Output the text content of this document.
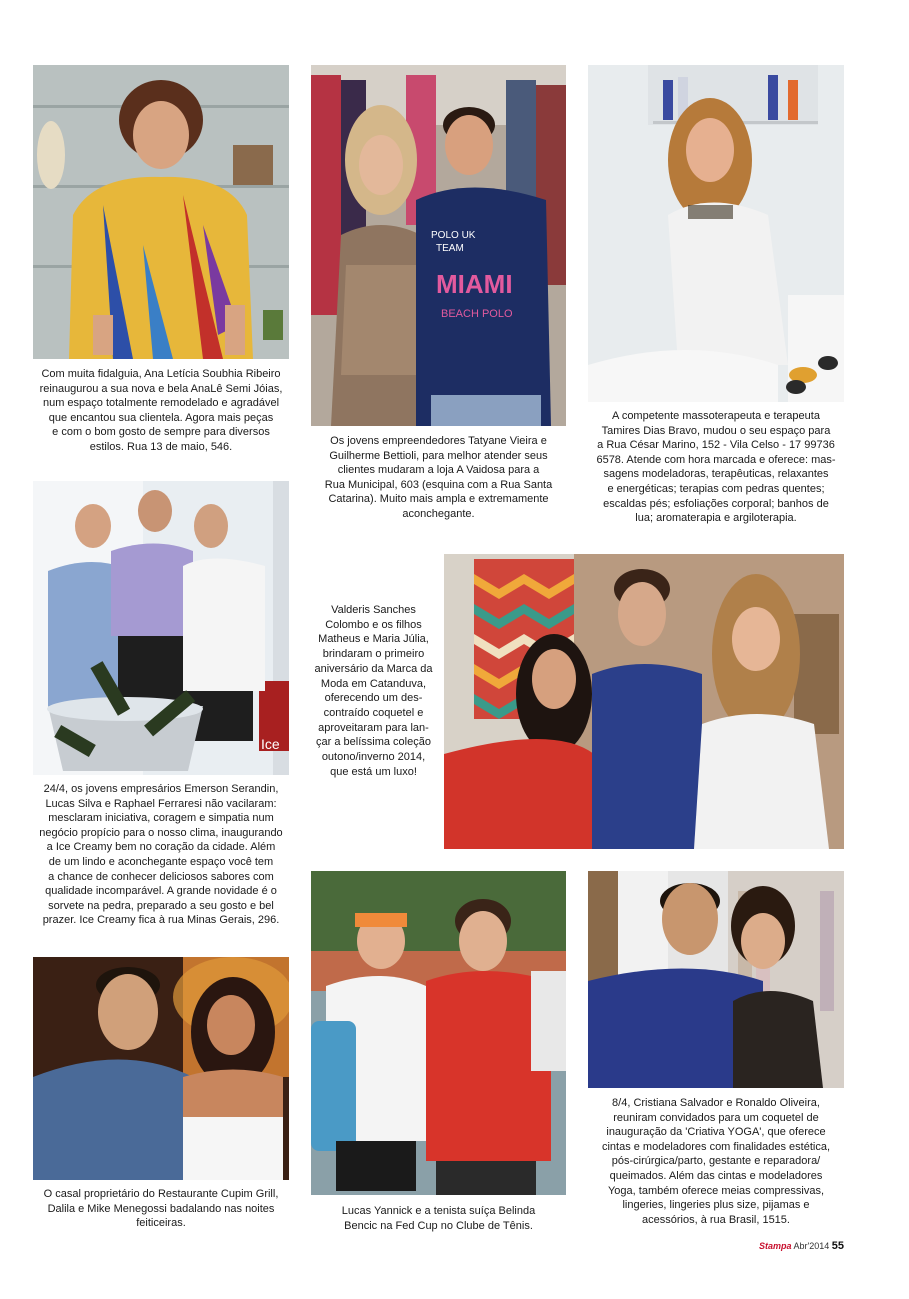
Com muita fidalguia, Ana Letícia Soubhia Ribeiro
reinaugurou a sua nova e bela AnaLê Semi Jóias,
num espaço totalmente remodelado e agradável
que encantou sua clientela. Agora mais peças
e com o bom gosto de sempre para diversos
estilos. Rua 13 de maio, 546.

POLO UK
TEAM
MIAMI
BEACH POLO

Os jovens empreendedores Tatyane Vieira e
Guilherme Bettioli, para melhor atender seus
clientes mudaram a loja A Vaidosa para a
Rua Municipal, 603 (esquina com a Rua Santa
Catarina). Muito mais ampla e extremamente
aconchegante.

A competente massoterapeuta e terapeuta
Tamires Dias Bravo, mudou o seu espaço para
a Rua César Marino, 152 - Vila Celso - 17 99736
6578. Atende com hora marcada e oferece: mas-
sagens modeladoras, terapêuticas, relaxantes
e energéticas; terapias com pedras quentes;
escaldas pés; esfoliações corporal; banhos de
lua; aromaterapia e argiloterapia.

Ice

24/4, os jovens empresários Emerson Serandin,
Lucas Silva e Raphael Ferraresi não vacilaram:
mesclaram iniciativa, coragem e simpatia num
negócio propício para o nosso clima, inaugurando
a Ice Creamy bem no coração da cidade. Além
de um lindo e aconchegante espaço você tem
a chance de conhecer deliciosos sabores com
qualidade incomparável. A grande novidade é o
sorvete na pedra, preparado a seu gosto e bel
prazer. Ice Creamy fica à rua Minas Gerais, 296.

Valderis Sanches
Colombo e os filhos
Matheus e Maria Júlia,
brindaram o primeiro
aniversário da Marca da
Moda em Catanduva,
oferecendo um des-
contraído coquetel e
aproveitaram para lan-
çar a belíssima coleção
outono/inverno 2014,
que está um luxo!

O casal proprietário do Restaurante Cupim Grill,
Dalila e Mike Menegossi badalando nas noites
feiticeiras.

Lucas Yannick e a tenista suíça Belinda
Bencic na Fed Cup no Clube de Tênis.

8/4, Cristiana Salvador e Ronaldo Oliveira,
reuniram convidados para um coquetel de
inauguração da 'Criativa YOGA', que oferece
cintas e modeladores com finalidades estética,
pós-cirúrgica/parto, gestante e reparadora/
queimados. Além das cintas e modeladores
Yoga, também oferece meias compressivas,
lingeries, lingeries plus size, pijamas e
acessórios, à rua Brasil, 1515.

Stampa Abr'2014 55
